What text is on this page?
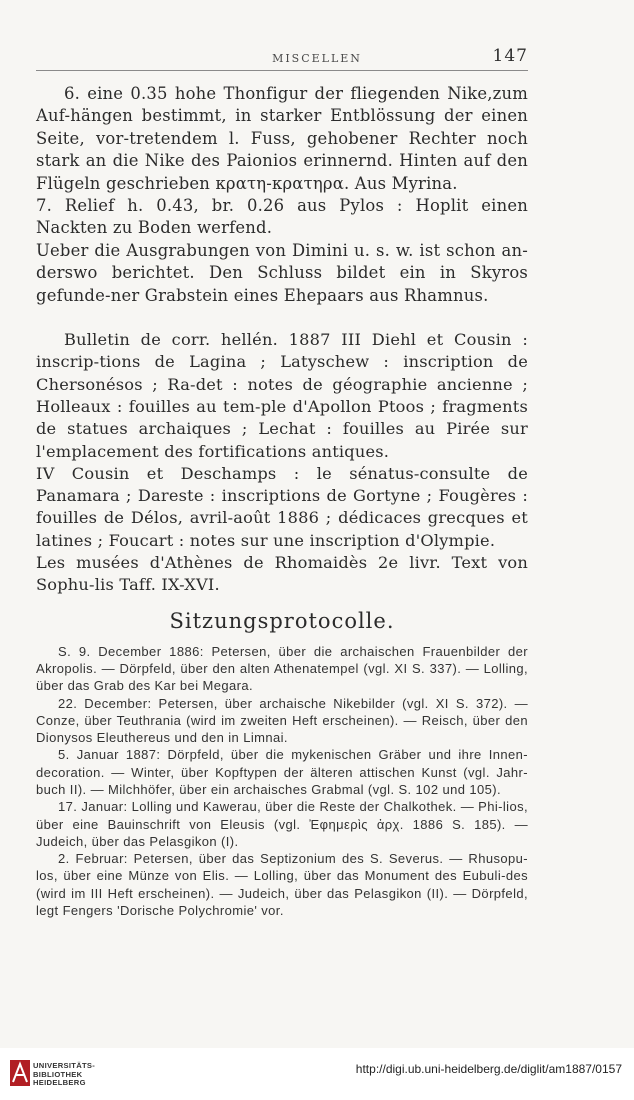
MISCELLEN	147

6. eine 0.35 hohe Thonfigur der fliegenden Nike,zum Auf-hängen bestimmt, in starker Entblössung der einen Seite, vor-tretendem l. Fuss, gehobener Rechter noch stark an die Nike des Paionios erinnernd. Hinten auf den Flügeln geschrieben κρατη-κρατηρα. Aus Myrina.

7. Relief h. 0.43, br. 0.26 aus Pylos : Hoplit einen Nackten zu Boden werfend.

Ueber die Ausgrabungen von Dimini u. s. w. ist schon an-derswo berichtet. Den Schluss bildet ein in Skyros gefunde-ner Grabstein eines Ehepaars aus Rhamnus.

Bulletin de corr. hellén. 1887 III Diehl et Cousin : inscrip-tions de Lagina ; Latyschew : inscription de Chersonésos ; Ra-det : notes de géographie ancienne ; Holleaux : fouilles au tem-ple d'Apollon Ptoos ; fragments de statues archaiques ; Lechat : fouilles au Pirée sur l'emplacement des fortifications antiques.

IV Cousin et Deschamps : le sénatus-consulte de Panamara ; Dareste : inscriptions de Gortyne ; Fougères : fouilles de Délos, avril-août 1886 ; dédicaces grecques et latines ; Foucart : notes sur une inscription d'Olympie.

Les musées d'Athènes de Rhomaidès 2e livr. Text von Sophu-lis Taff. IX-XVI.

Sitzungsprotocolle.

S. 9. December 1886: Petersen, über die archaischen Frauenbilder der Akropolis. — Dörpfeld, über den alten Athenatempel (vgl. XI S. 337). — Lolling, über das Grab des Kar bei Megara.

22. December: Petersen, über archaische Nikebilder (vgl. XI S. 372). — Conze, über Teuthrania (wird im zweiten Heft erscheinen). — Reisch, über den Dionysos Eleuthereus und den in Limnai.

5. Januar 1887: Dörpfeld, über die mykenischen Gräber und ihre Innen-decoration. — Winter, über Kopftypen der älteren attischen Kunst (vgl. Jahr-buch II). — Milchhöfer, über ein archaisches Grabmal (vgl. S. 102 und 105).

17. Januar: Lolling und Kawerau, über die Reste der Chalkothek. — Phi-lios, über eine Bauinschrift von Eleusis (vgl. Ἐφημερὶς ἀρχ. 1886 S. 185). — Judeich, über das Pelasgikon (I).

2. Februar: Petersen, über das Septizonium des S. Severus. — Rhusopu-los, über eine Münze von Elis. — Lolling, über das Monument des Eubuli-des (wird im III Heft erscheinen). — Judeich, über das Pelasgikon (II). — Dörpfeld, legt Fengers 'Dorische Polychromie' vor.

UNIVERSITÄTS-
BIBLIOTHEK
HEIDELBERG
http://digi.ub.uni-heidelberg.de/diglit/am1887/0157
